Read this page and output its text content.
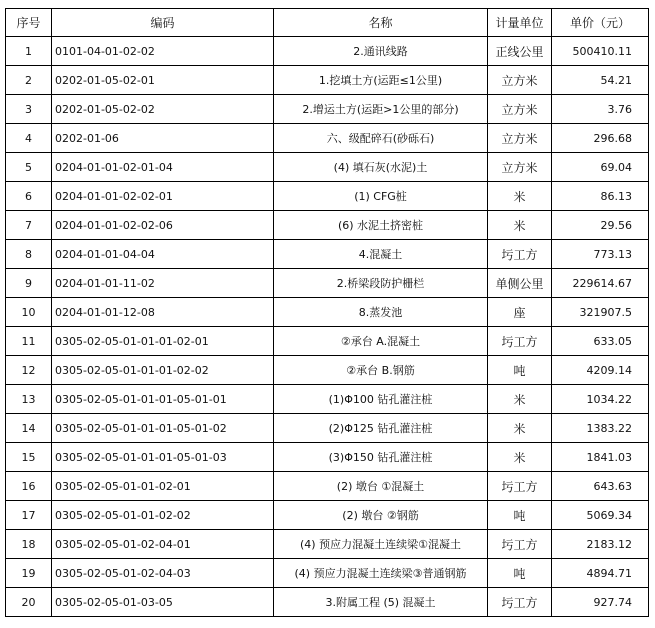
序号	编码	名称	计量单位	单价（元）
1	0101-04-01-02-02	2.通讯线路	正线公里	500410.11
2	0202-01-05-02-01	1.挖填土方(运距≤1公里)	立方米	54.21
3	0202-01-05-02-02	2.增运土方(运距>1公里的部分)	立方米	3.76
4	0202-01-06	六、级配碎石(砂砾石)	立方米	296.68
5	0204-01-01-02-01-04	(4) 填石灰(水泥)土	立方米	69.04
6	0204-01-01-02-02-01	(1) CFG桩	米	86.13
7	0204-01-01-02-02-06	(6) 水泥土挤密桩	米	29.56
8	0204-01-01-04-04	4.混凝土	圬工方	773.13
9	0204-01-01-11-02	2.桥梁段防护栅栏	单侧公里	229614.67
10	0204-01-01-12-08	8.蒸发池	座	321907.5
11	0305-02-05-01-01-01-02-01	②承台 A.混凝土	圬工方	633.05
12	0305-02-05-01-01-01-02-02	②承台 B.钢筋	吨	4209.14
13	0305-02-05-01-01-01-05-01-01	(1)Φ100 钻孔灌注桩	米	1034.22
14	0305-02-05-01-01-01-05-01-02	(2)Φ125 钻孔灌注桩	米	1383.22
15	0305-02-05-01-01-01-05-01-03	(3)Φ150 钻孔灌注桩	米	1841.03
16	0305-02-05-01-01-02-01	(2) 墩台 ①混凝土	圬工方	643.63
17	0305-02-05-01-01-02-02	(2) 墩台 ②钢筋	吨	5069.34
18	0305-02-05-01-02-04-01	(4) 预应力混凝土连续梁①混凝土	圬工方	2183.12
19	0305-02-05-01-02-04-03	(4) 预应力混凝土连续梁③普通钢筋	吨	4894.71
20	0305-02-05-01-03-05	3.附属工程 (5) 混凝土	圬工方	927.74
